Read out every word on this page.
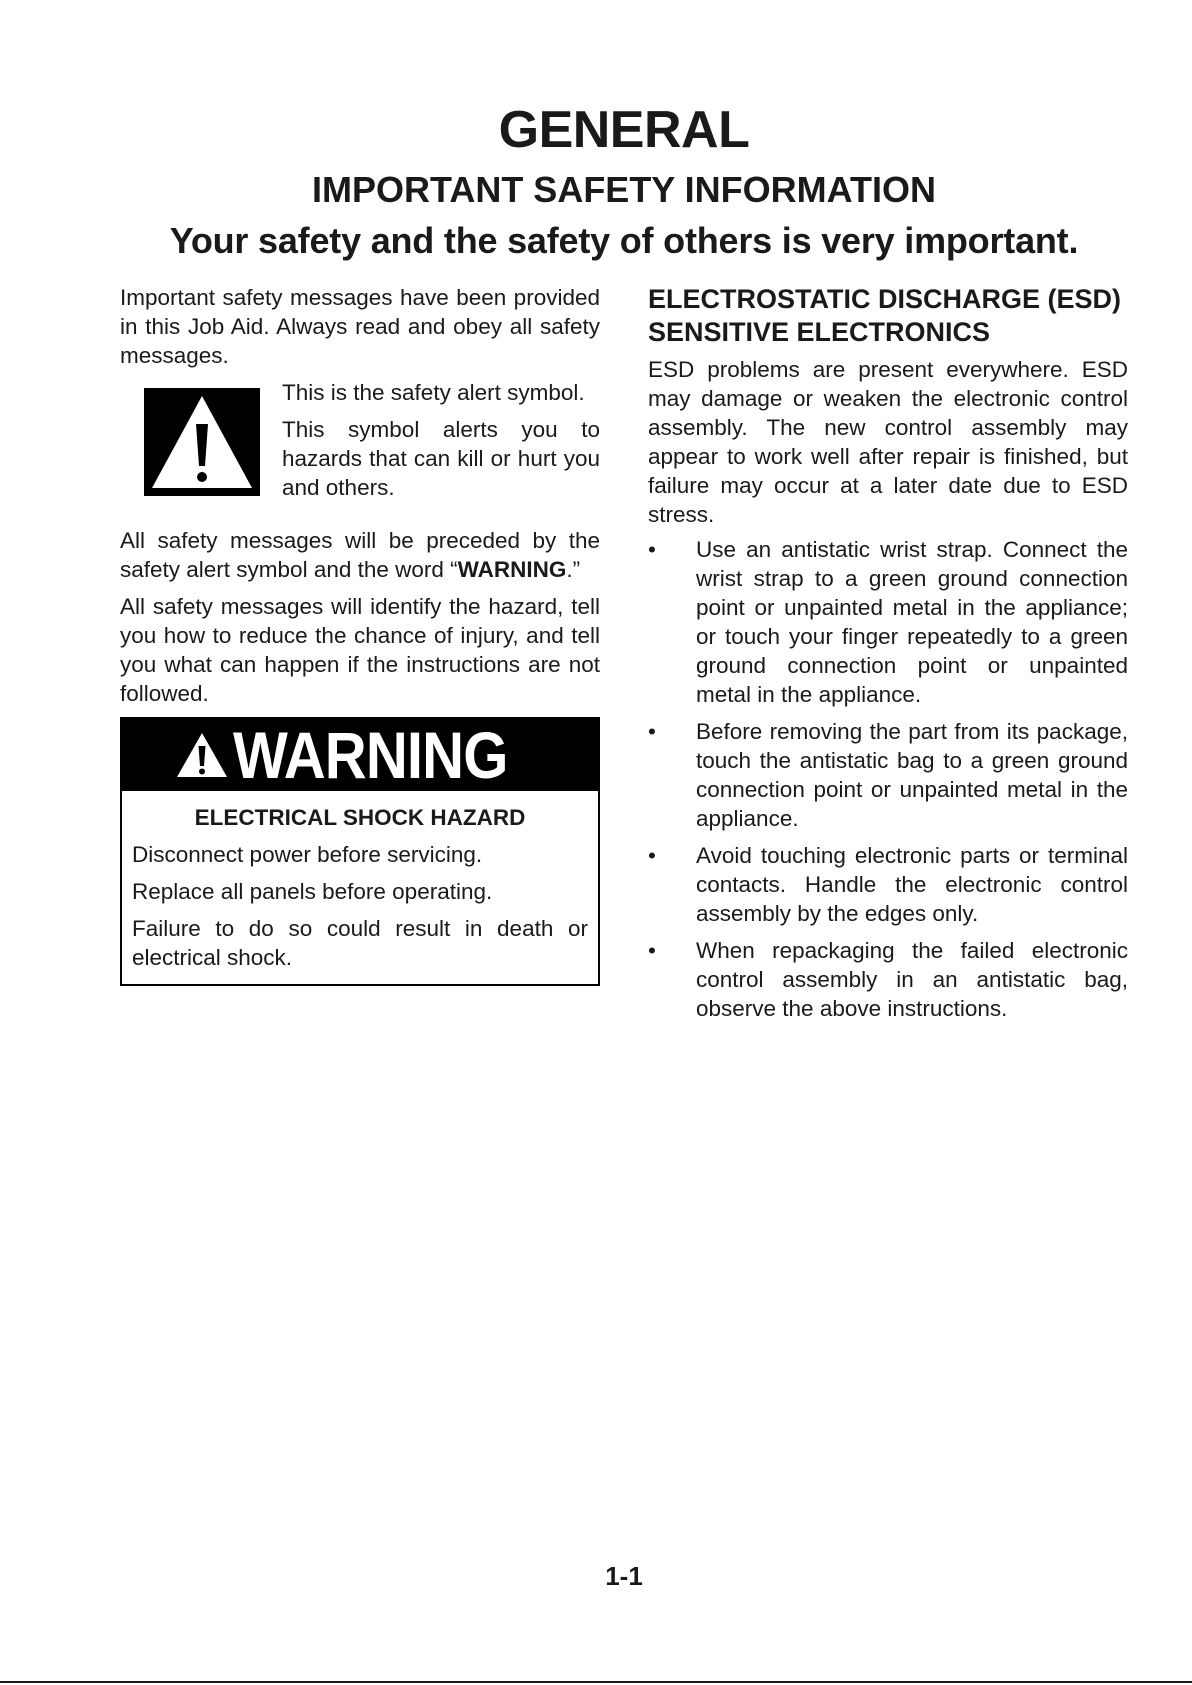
GENERAL
IMPORTANT SAFETY INFORMATION
Your safety and the safety of others is very important.

Important safety messages have been provided in this Job Aid. Always read and obey all safety messages.

This is the safety alert symbol.

This symbol alerts you to hazards that can kill or hurt you and others.

All safety messages will be preceded by the safety alert symbol and the word “WARNING.”

All safety messages will identify the hazard, tell you how to reduce the chance of injury, and tell you what can happen if the instructions are not followed.

WARNING
ELECTRICAL SHOCK HAZARD

Disconnect power before servicing.

Replace all panels before operating.

Failure to do so could result in death or electrical shock.

ELECTROSTATIC DISCHARGE (ESD) SENSITIVE ELECTRONICS

ESD problems are present everywhere. ESD may damage or weaken the electronic control assembly. The new control assembly may appear to work well after repair is finished, but failure may occur at a later date due to ESD stress.

• Use an antistatic wrist strap. Connect the wrist strap to a green ground connection point or unpainted metal in the appliance; or touch your finger repeatedly to a green ground connection point or unpainted metal in the appliance.

• Before removing the part from its package, touch the antistatic bag to a green ground connection point or unpainted metal in the appliance.

• Avoid touching electronic parts or terminal contacts. Handle the electronic control assembly by the edges only.

• When repackaging the failed electronic control assembly in an antistatic bag, observe the above instructions.

1-1
